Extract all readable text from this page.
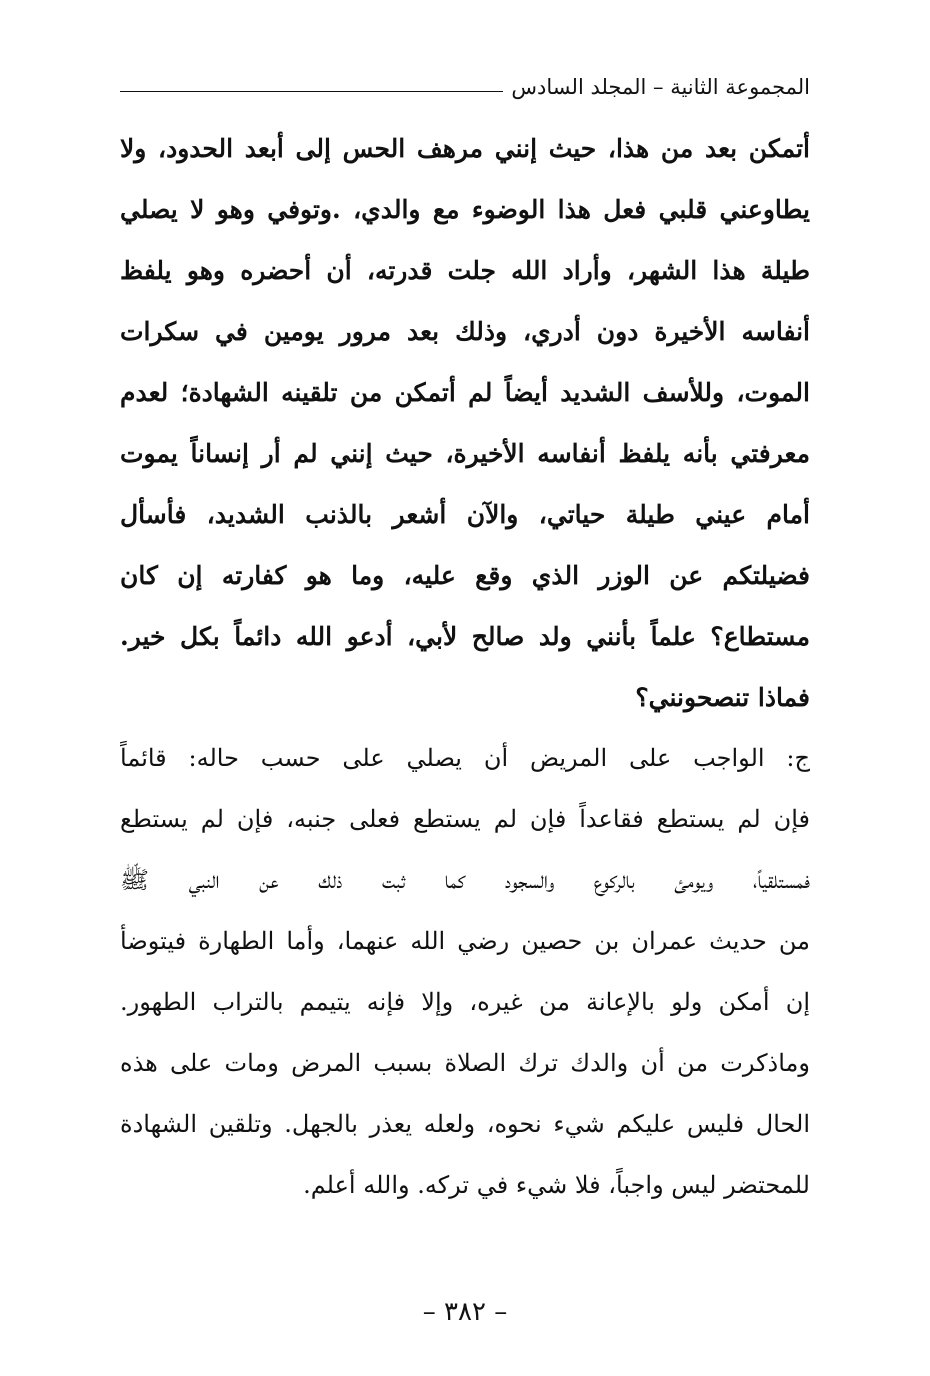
المجموعة الثانية – المجلد السادس
أتمكن بعد من هذا، حيث إنني مرهف الحس إلى أبعد الحدود، ولا
يطاوعني قلبي فعل هذا الوضوء مع والدي، .وتوفي وهو لا يصلي
طيلة هذا الشهر، وأراد الله جلت قدرته، أن أحضره وهو يلفظ
أنفاسه الأخيرة دون أدري، وذلك بعد مرور يومين في سكرات
الموت، وللأسف الشديد أيضاً لم أتمكن من تلقينه الشهادة؛ لعدم
معرفتي بأنه يلفظ أنفاسه الأخيرة، حيث إنني لم أر إنساناً يموت
أمام عيني طيلة حياتي، والآن أشعر بالذنب الشديد، فأسأل
فضيلتكم عن الوزر الذي وقع عليه، وما هو كفارته إن كان
مستطاع؟ علماً بأنني ولد صالح لأبي، أدعو الله دائماً بكل خير.
فماذا تنصحونني؟
ج: الواجب على المريض أن يصلي على حسب حاله: قائماً
فإن لم يستطع فقاعداً فإن لم يستطع فعلى جنبه، فإن لم يستطع
فمستلقياً، ويومئ بالركوع والسجود كما ثبت ذلك عن النبي ﷺ
من حديث عمران بن حصين رضي الله عنهما، وأما الطهارة فيتوضأ
إن أمكن ولو بالإعانة من غيره، وإلا فإنه يتيمم بالتراب الطهور.
وماذكرت من أن والدك ترك الصلاة بسبب المرض ومات على هذه
الحال فليس عليكم شيء نحوه، ولعله يعذر بالجهل. وتلقين الشهادة
للمحتضر ليس واجباً، فلا شيء في تركه. والله أعلم.
– ٣٨٢ –
